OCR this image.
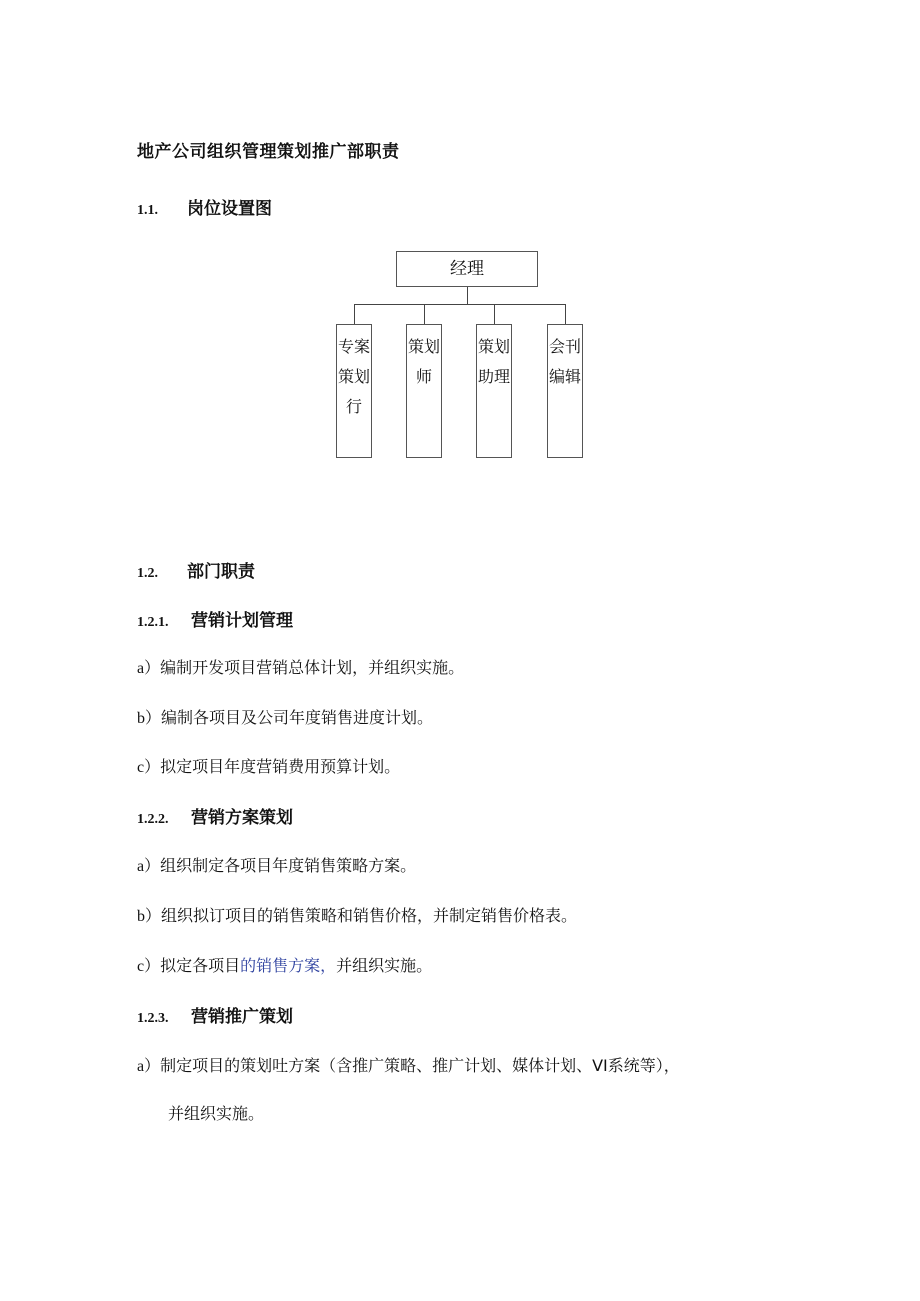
地产公司组织管理策划推广部职责
1.1. 岗位设置图
经理
专案策划行
策划师
策划助理
会刊编辑
1.2. 部门职责
1.2.1. 营销计划管理
a）编制开发项目营销总体计划，并组织实施。
b）编制各项目及公司年度销售进度计划。
c）拟定项目年度营销费用预算计划。
1.2.2. 营销方案策划
a）组织制定各项目年度销售策略方案。
b）组织拟订项目的销售策略和销售价格，并制定销售价格表。
c）拟定各项目的销售方案，并组织实施。
1.2.3. 营销推广策划
a）制定项目的策划吐方案（含推广策略、推广计划、媒体计划、VI系统等），
并组织实施。
